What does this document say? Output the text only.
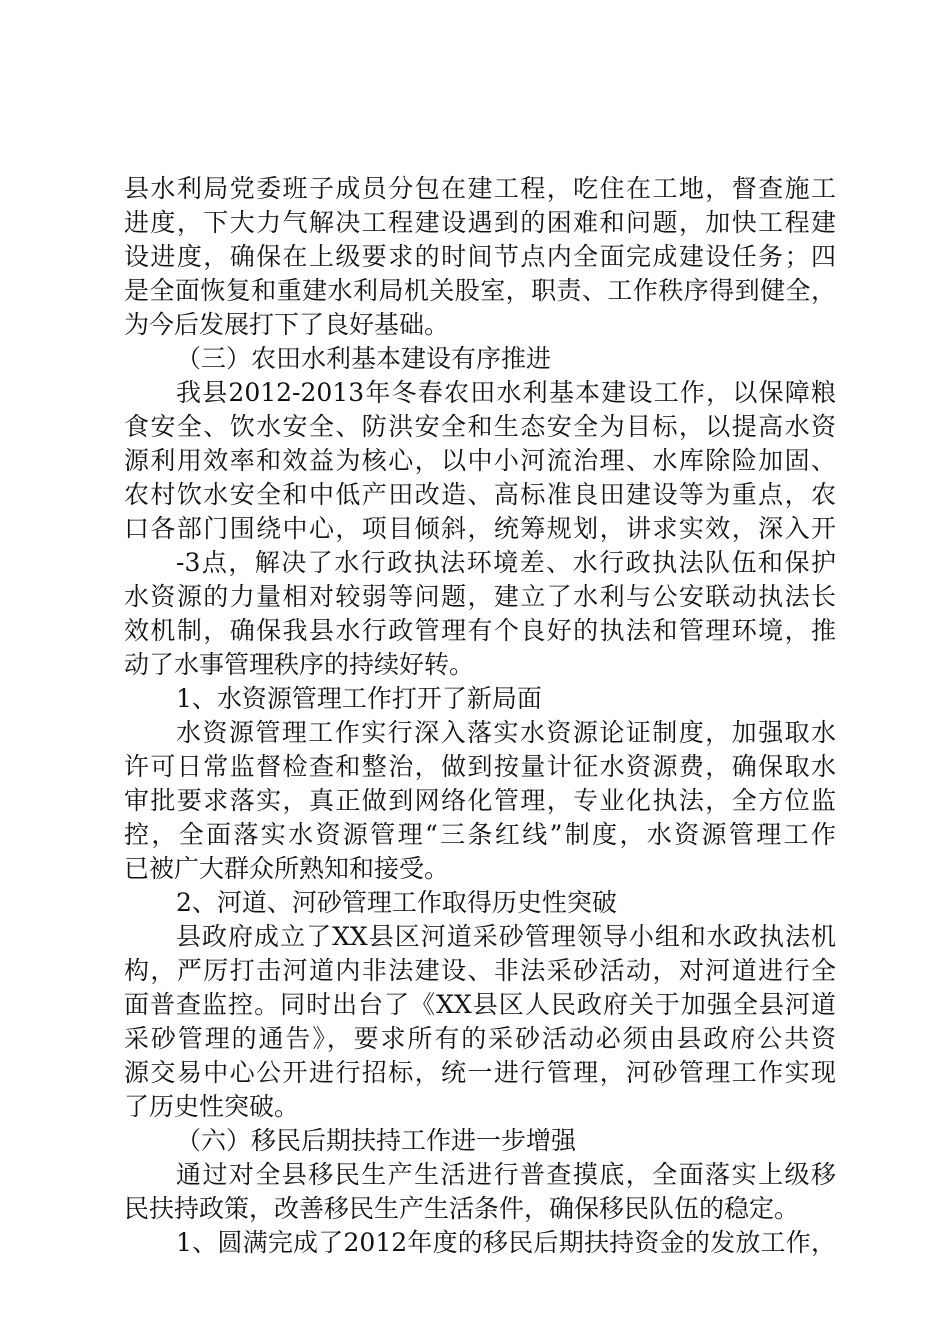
县水利局党委班子成员分包在建工程，吃住在工地，督查施工
进度，下大力气解决工程建设遇到的困难和问题，加快工程建
设进度，确保在上级要求的时间节点内全面完成建设任务；四
是全面恢复和重建水利局机关股室，职责、工作秩序得到健全，
为今后发展打下了良好基础。
（三）农田水利基本建设有序推进
我县2012-2013年冬春农田水利基本建设工作，以保障粮
食安全、饮水安全、防洪安全和生态安全为目标，以提高水资
源利用效率和效益为核心，以中小河流治理、水库除险加固、
农村饮水安全和中低产田改造、高标准良田建设等为重点，农
口各部门围绕中心，项目倾斜，统筹规划，讲求实效，深入开
-3点，解决了水行政执法环境差、水行政执法队伍和保护
水资源的力量相对较弱等问题，建立了水利与公安联动执法长
效机制，确保我县水行政管理有个良好的执法和管理环境，推
动了水事管理秩序的持续好转。
1、水资源管理工作打开了新局面
水资源管理工作实行深入落实水资源论证制度，加强取水
许可日常监督检查和整治，做到按量计征水资源费，确保取水
审批要求落实，真正做到网络化管理，专业化执法，全方位监
控，全面落实水资源管理“三条红线”制度，水资源管理工作
已被广大群众所熟知和接受。
2、河道、河砂管理工作取得历史性突破
县政府成立了XX县区河道采砂管理领导小组和水政执法机
构，严厉打击河道内非法建设、非法采砂活动，对河道进行全
面普查监控。同时出台了《XX县区人民政府关于加强全县河道
采砂管理的通告》，要求所有的采砂活动必须由县政府公共资
源交易中心公开进行招标，统一进行管理，河砂管理工作实现
了历史性突破。
（六）移民后期扶持工作进一步增强
通过对全县移民生产生活进行普查摸底，全面落实上级移
民扶持政策，改善移民生产生活条件，确保移民队伍的稳定。
1、圆满完成了2012年度的移民后期扶持资金的发放工作，
